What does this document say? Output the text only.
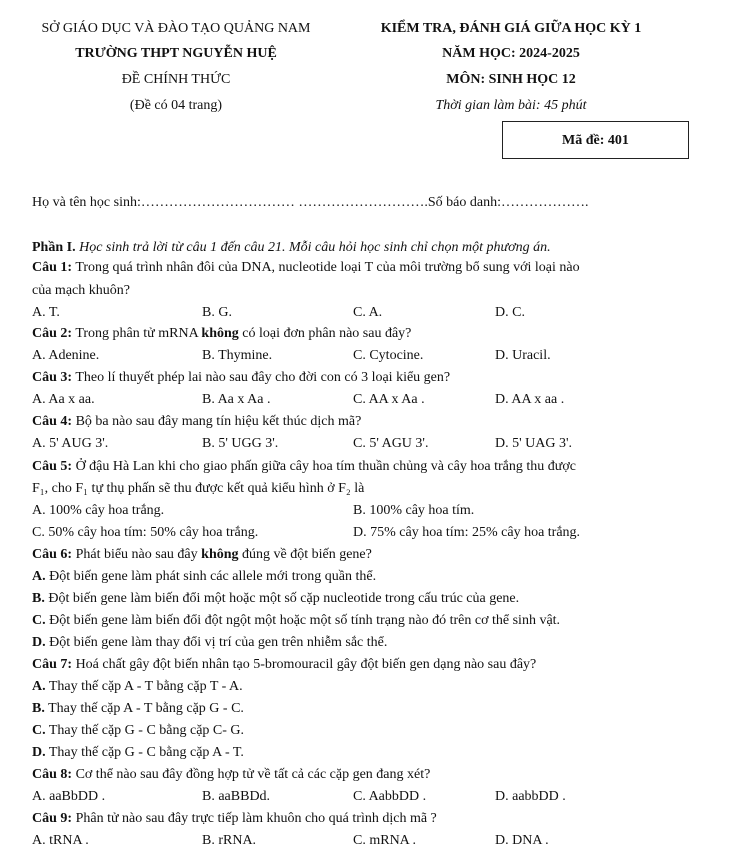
SỞ GIÁO DỤC VÀ ĐÀO TẠO QUẢNG NAM
TRƯỜNG THPT NGUYỄN HUỆ
ĐỀ CHÍNH THỨC
(Đề có 04 trang)
KIỂM TRA, ĐÁNH GIÁ GIỮA HỌC KỲ 1
NĂM HỌC: 2024-2025
MÔN: SINH HỌC 12
Thời gian làm bài: 45 phút
Mã đề: 401
Họ và tên học sinh:…………………………… ……………………….Số báo danh:……………….
Phần I. Học sinh trả lời từ câu 1 đến câu 21. Mỗi câu hỏi học sinh chỉ chọn một phương án.
Câu 1: Trong quá trình nhân đôi của DNA, nucleotide loại T của môi trường bổ sung với loại nào
của mạch khuôn?
A. T.	B. G.	C. A.	D. C.
Câu 2: Trong phân tử mRNA không có loại đơn phân nào sau đây?
A. Adenine.	B. Thymine.	C. Cytocine.	D. Uracil.
Câu 3: Theo lí thuyết phép lai nào sau đây cho đời con có 3 loại kiểu gen?
A. Aa x aa.	B. Aa x Aa .	C. AA x Aa .	D. AA x aa .
Câu 4: Bộ ba nào sau đây mang tín hiệu kết thúc dịch mã?
A. 5' AUG 3'.	B. 5' UGG 3'.	C. 5' AGU 3'.	D. 5' UAG 3'.
Câu 5: Ở đậu Hà Lan khi cho giao phấn giữa cây hoa tím thuần chủng và cây hoa trắng thu được
F₁, cho F₁ tự thụ phấn sẽ thu được kết quả kiểu hình ở F₂ là
A. 100% cây hoa trắng.	B. 100% cây hoa tím.
C. 50% cây hoa tím: 50% cây hoa trắng.	D. 75% cây hoa tím: 25% cây hoa trắng.
Câu 6: Phát biểu nào sau đây không đúng về đột biến gene?
A. Đột biến gene làm phát sinh các allele mới trong quần thể.
B. Đột biến gene làm biến đổi một hoặc một số cặp nucleotide trong cấu trúc của gene.
C. Đột biến gene làm biến đổi đột ngột một hoặc một số tính trạng nào đó trên cơ thể sinh vật.
D. Đột biến gene làm thay đổi vị trí của gen trên nhiễm sắc thể.
Câu 7: Hoá chất gây đột biến nhân tạo 5-bromouracil gây đột biến gen dạng nào sau đây?
A. Thay thế cặp A - T bằng cặp T - A.
B. Thay thế cặp A - T bằng cặp G - C.
C. Thay thế cặp G - C bằng cặp C- G.
D. Thay thế cặp G - C bằng cặp A - T.
Câu 8: Cơ thể nào sau đây đồng hợp tử về tất cả các cặp gen đang xét?
A. aaBbDD .	B. aaBBDd.	C. AabbDD .	D. aabbDD .
Câu 9: Phân tử nào sau đây trực tiếp làm khuôn cho quá trình dịch mã ?
A. tRNA .	B. rRNA.	C. mRNA .	D. DNA .
